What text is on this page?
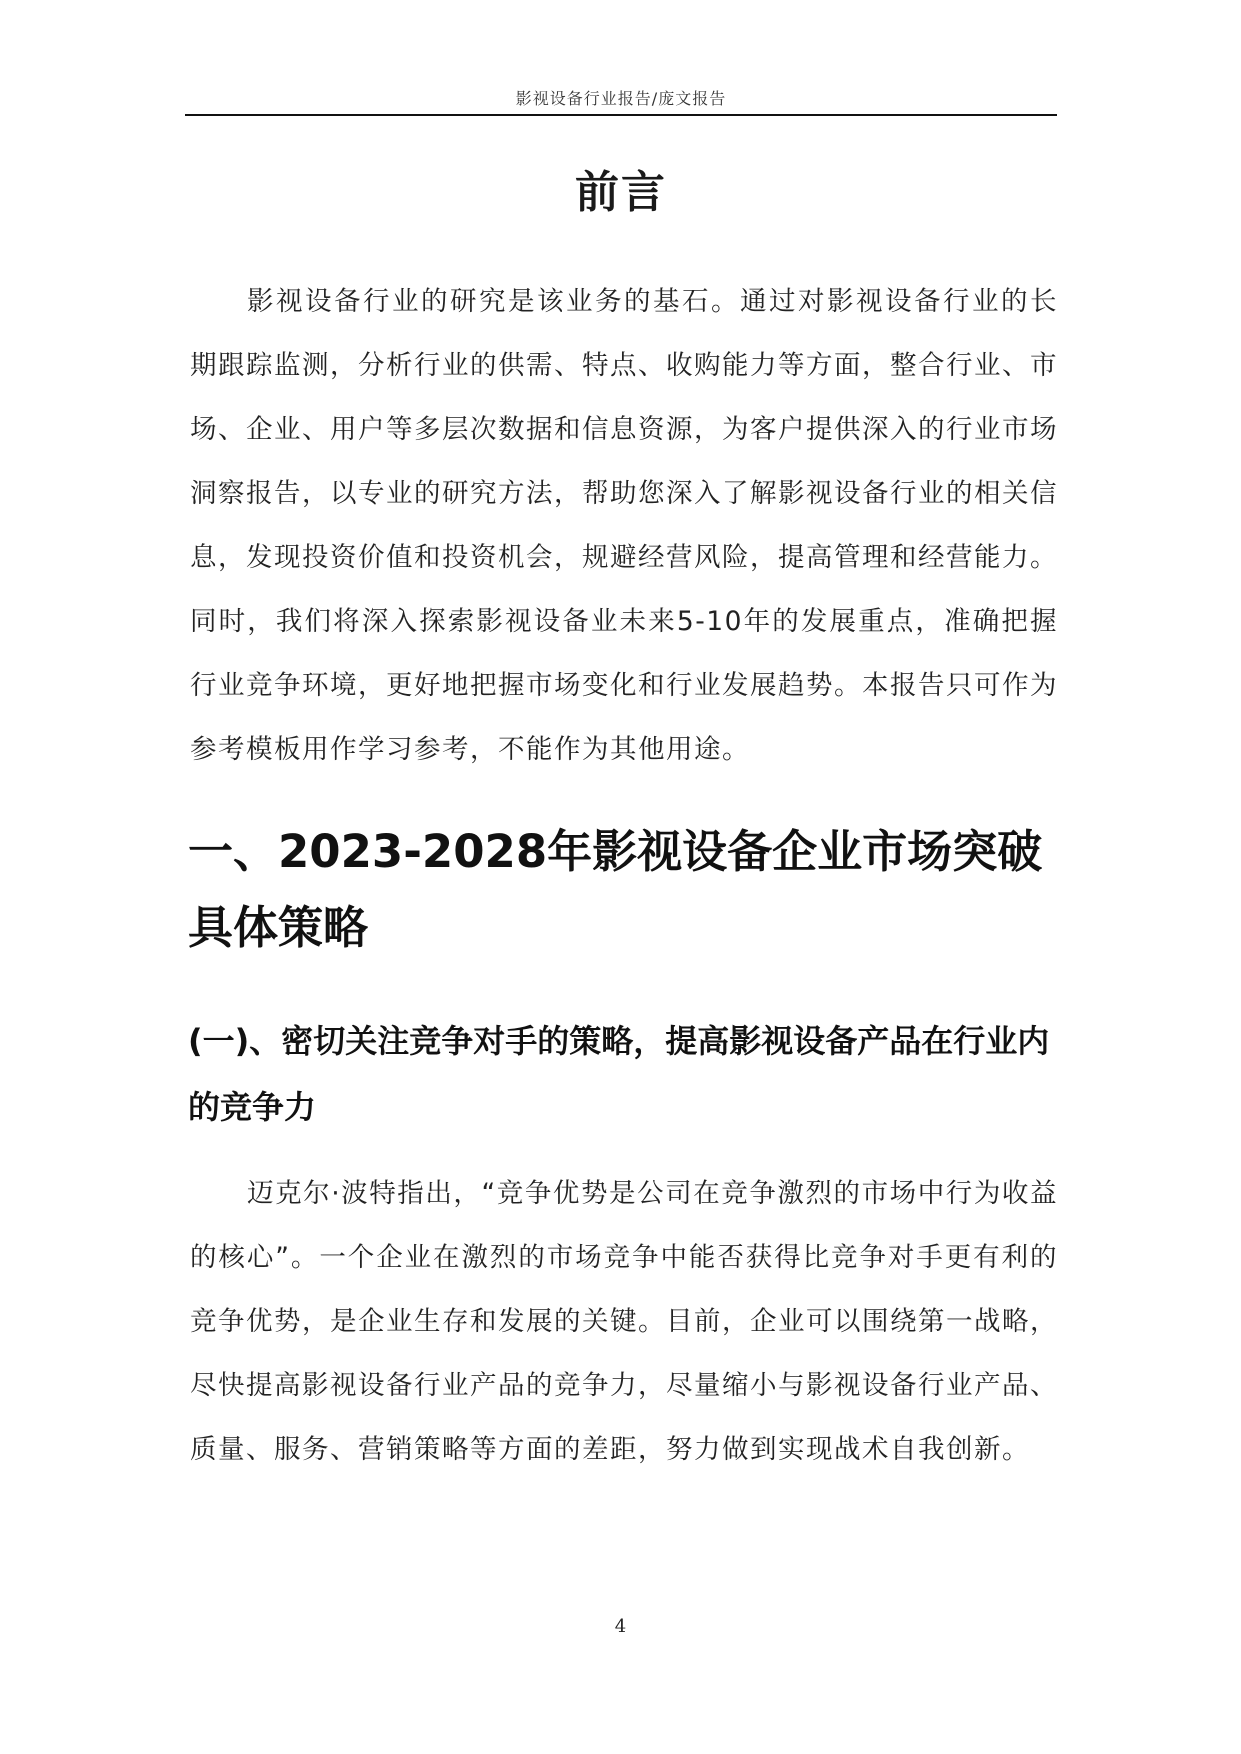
影视设备行业报告/庞文报告
前言

影视设备行业的研究是该业务的基石。通过对影视设备行业的长期跟踪监测，分析行业的供需、特点、收购能力等方面，整合行业、市场、企业、用户等多层次数据和信息资源，为客户提供深入的行业市场洞察报告，以专业的研究方法，帮助您深入了解影视设备行业的相关信息，发现投资价值和投资机会，规避经营风险，提高管理和经营能力。同时，我们将深入探索影视设备业未来5-10年的发展重点，准确把握行业竞争环境，更好地把握市场变化和行业发展趋势。本报告只可作为参考模板用作学习参考，不能作为其他用途。

一、2023-2028年影视设备企业市场突破具体策略
(一)、密切关注竞争对手的策略，提高影视设备产品在行业内的竞争力

迈克尔·波特指出，“竞争优势是公司在竞争激烈的市场中行为收益的核心”。一个企业在激烈的市场竞争中能否获得比竞争对手更有利的竞争优势，是企业生存和发展的关键。目前，企业可以围绕第一战略，尽快提高影视设备行业产品的竞争力，尽量缩小与影视设备行业产品、质量、服务、营销策略等方面的差距，努力做到实现战术自我创新。

4
